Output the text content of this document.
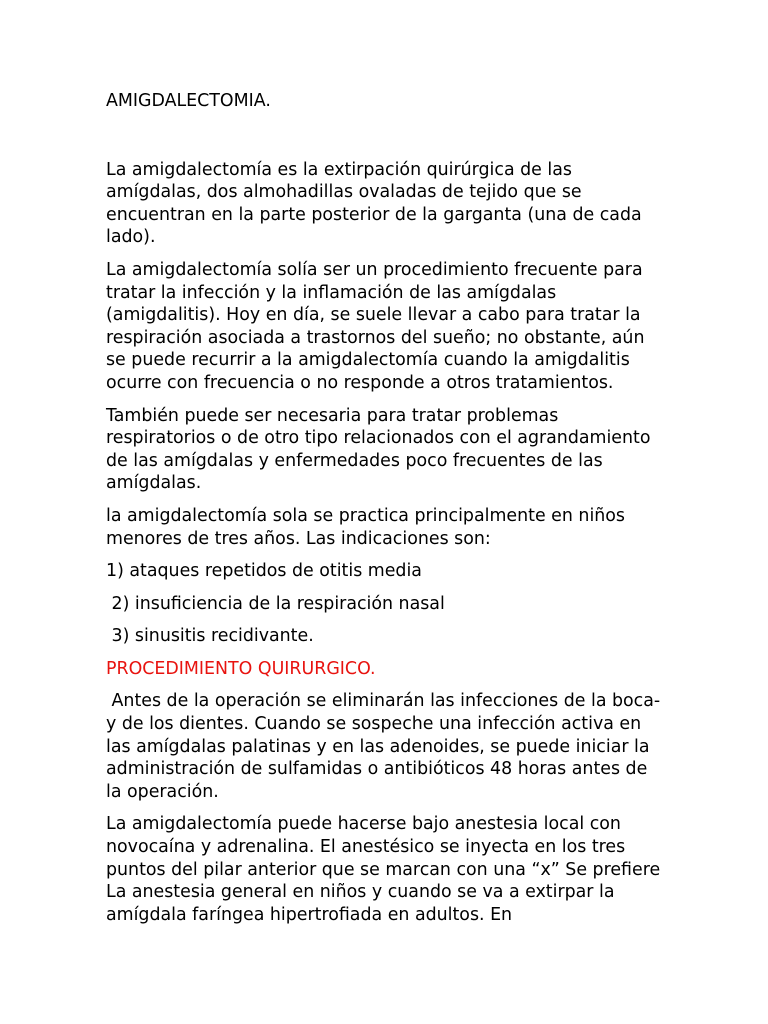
AMIGDALECTOMIA.

La amigdalectomía es la extirpación quirúrgica de las amígdalas, dos almohadillas ovaladas de tejido que se encuentran en la parte posterior de la garganta (una de cada lado).

La amigdalectomía solía ser un procedimiento frecuente para tratar la infección y la inflamación de las amígdalas (amigdalitis). Hoy en día, se suele llevar a cabo para tratar la respiración asociada a trastornos del sueño; no obstante, aún se puede recurrir a la amigdalectomía cuando la amigdalitis ocurre con frecuencia o no responde a otros tratamientos.

También puede ser necesaria para tratar problemas respiratorios o de otro tipo relacionados con el agrandamiento de las amígdalas y enfermedades poco frecuentes de las amígdalas.

la amigdalectomía sola se practica principalmente en niños menores de tres años. Las indicaciones son:

1) ataques repetidos de otitis media

2) insuficiencia de la respiración nasal

3) sinusitis recidivante.

PROCEDIMIENTO QUIRURGICO.

Antes de la operación se eliminarán las infecciones de la boca-y de los dientes. Cuando se sospeche una infección activa en las amígdalas palatinas y en las adenoides, se puede iniciar la administración de sulfamidas o antibióticos 48 horas antes de la operación.

La amigdalectomía puede hacerse bajo anestesia local con novocaína y adrenalina. El anestésico se inyecta en los tres puntos del pilar anterior que se marcan con una “x” Se prefiere La anestesia general en niños y cuando se va a extirpar la amígdala faríngea hipertrofiada en adultos. En
